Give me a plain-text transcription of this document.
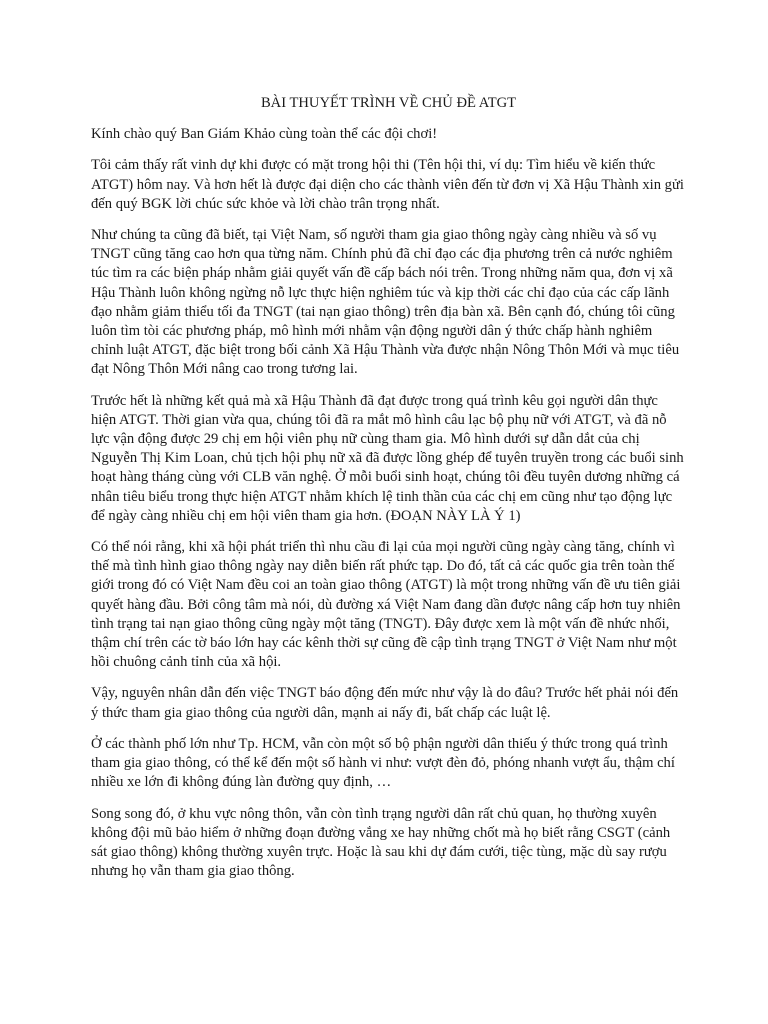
BÀI THUYẾT TRÌNH VỀ CHỦ ĐỀ ATGT

Kính chào quý Ban Giám Khảo cùng toàn thể các đội chơi!

Tôi cảm thấy rất vinh dự khi được có mặt trong hội thi (Tên hội thi, ví dụ: Tìm hiểu về kiến thức ATGT) hôm nay. Và hơn hết là được đại diện cho các thành viên đến từ đơn vị Xã Hậu Thành xin gửi đến quý BGK lời chúc sức khỏe và lời chào trân trọng nhất.

Như chúng ta cũng đã biết, tại Việt Nam, số người tham gia giao thông ngày càng nhiều và số vụ TNGT cũng tăng cao hơn qua từng năm. Chính phủ đã chỉ đạo các địa phương trên cả nước nghiêm túc tìm ra các biện pháp nhằm giải quyết vấn đề cấp bách nói trên. Trong những năm qua, đơn vị xã Hậu Thành luôn không ngừng nỗ lực thực hiện nghiêm túc và kịp thời các chỉ đạo của các cấp lãnh đạo nhằm giảm thiểu tối đa TNGT (tai nạn giao thông) trên địa bàn xã. Bên cạnh đó, chúng tôi cũng luôn tìm tòi các phương pháp, mô hình mới nhằm vận động người dân ý thức chấp hành nghiêm chỉnh luật ATGT, đặc biệt trong bối cảnh Xã Hậu Thành vừa được nhận Nông Thôn Mới và mục tiêu đạt Nông Thôn Mới nâng cao trong tương lai.

Trước hết là những kết quả mà xã Hậu Thành đã đạt được trong quá trình kêu gọi người dân thực hiện ATGT. Thời gian vừa qua, chúng tôi đã ra mắt mô hình câu lạc bộ phụ nữ với ATGT, và đã nỗ lực vận động được 29 chị em hội viên phụ nữ cùng tham gia. Mô hình dưới sự dẫn dắt của chị Nguyễn Thị Kim Loan, chủ tịch hội phụ nữ xã đã được lồng ghép để tuyên truyền trong các buổi sinh hoạt hàng tháng cùng với CLB văn nghệ. Ở mỗi buổi sinh hoạt, chúng tôi đều tuyên dương những cá nhân tiêu biểu trong thực hiện ATGT nhằm khích lệ tinh thần của các chị em cũng như tạo động lực để ngày càng nhiều chị em hội viên tham gia hơn. (ĐOẠN NÀY LÀ Ý 1)

Có thể nói rằng, khi xã hội phát triển thì nhu cầu đi lại của mọi người cũng ngày càng tăng, chính vì thế mà tình hình giao thông ngày nay diễn biến rất phức tạp. Do đó, tất cả các quốc gia trên toàn thế giới trong đó có Việt Nam đều coi an toàn giao thông (ATGT) là một trong những vấn đề ưu tiên giải quyết hàng đầu. Bởi công tâm mà nói, dù đường xá Việt Nam đang dần được nâng cấp hơn tuy nhiên tình trạng tai nạn giao thông cũng ngày một tăng (TNGT). Đây được xem là một vấn đề nhức nhối, thậm chí trên các tờ báo lớn hay các kênh thời sự cũng đề cập tình trạng TNGT ở Việt Nam như một hồi chuông cảnh tỉnh của xã hội.

Vậy, nguyên nhân dẫn đến việc TNGT báo động đến mức như vậy là do đâu? Trước hết phải nói đến ý thức tham gia giao thông của người dân, mạnh ai nấy đi, bất chấp các luật lệ.

Ở các thành phố lớn như Tp. HCM, vẫn còn một số bộ phận người dân thiếu ý thức trong quá trình tham gia giao thông, có thể kể đến một số hành vi như: vượt đèn đỏ, phóng nhanh vượt ẩu, thậm chí nhiều xe lớn đi không đúng làn đường quy định, …

Song song đó, ở khu vực nông thôn, vẫn còn tình trạng người dân rất chủ quan, họ thường xuyên không đội mũ bảo hiểm ở những đoạn đường vắng xe hay những chốt mà họ biết rằng CSGT (cảnh sát giao thông) không thường xuyên trực. Hoặc là sau khi dự đám cưới, tiệc tùng, mặc dù say rượu nhưng họ vẫn tham gia giao thông.
